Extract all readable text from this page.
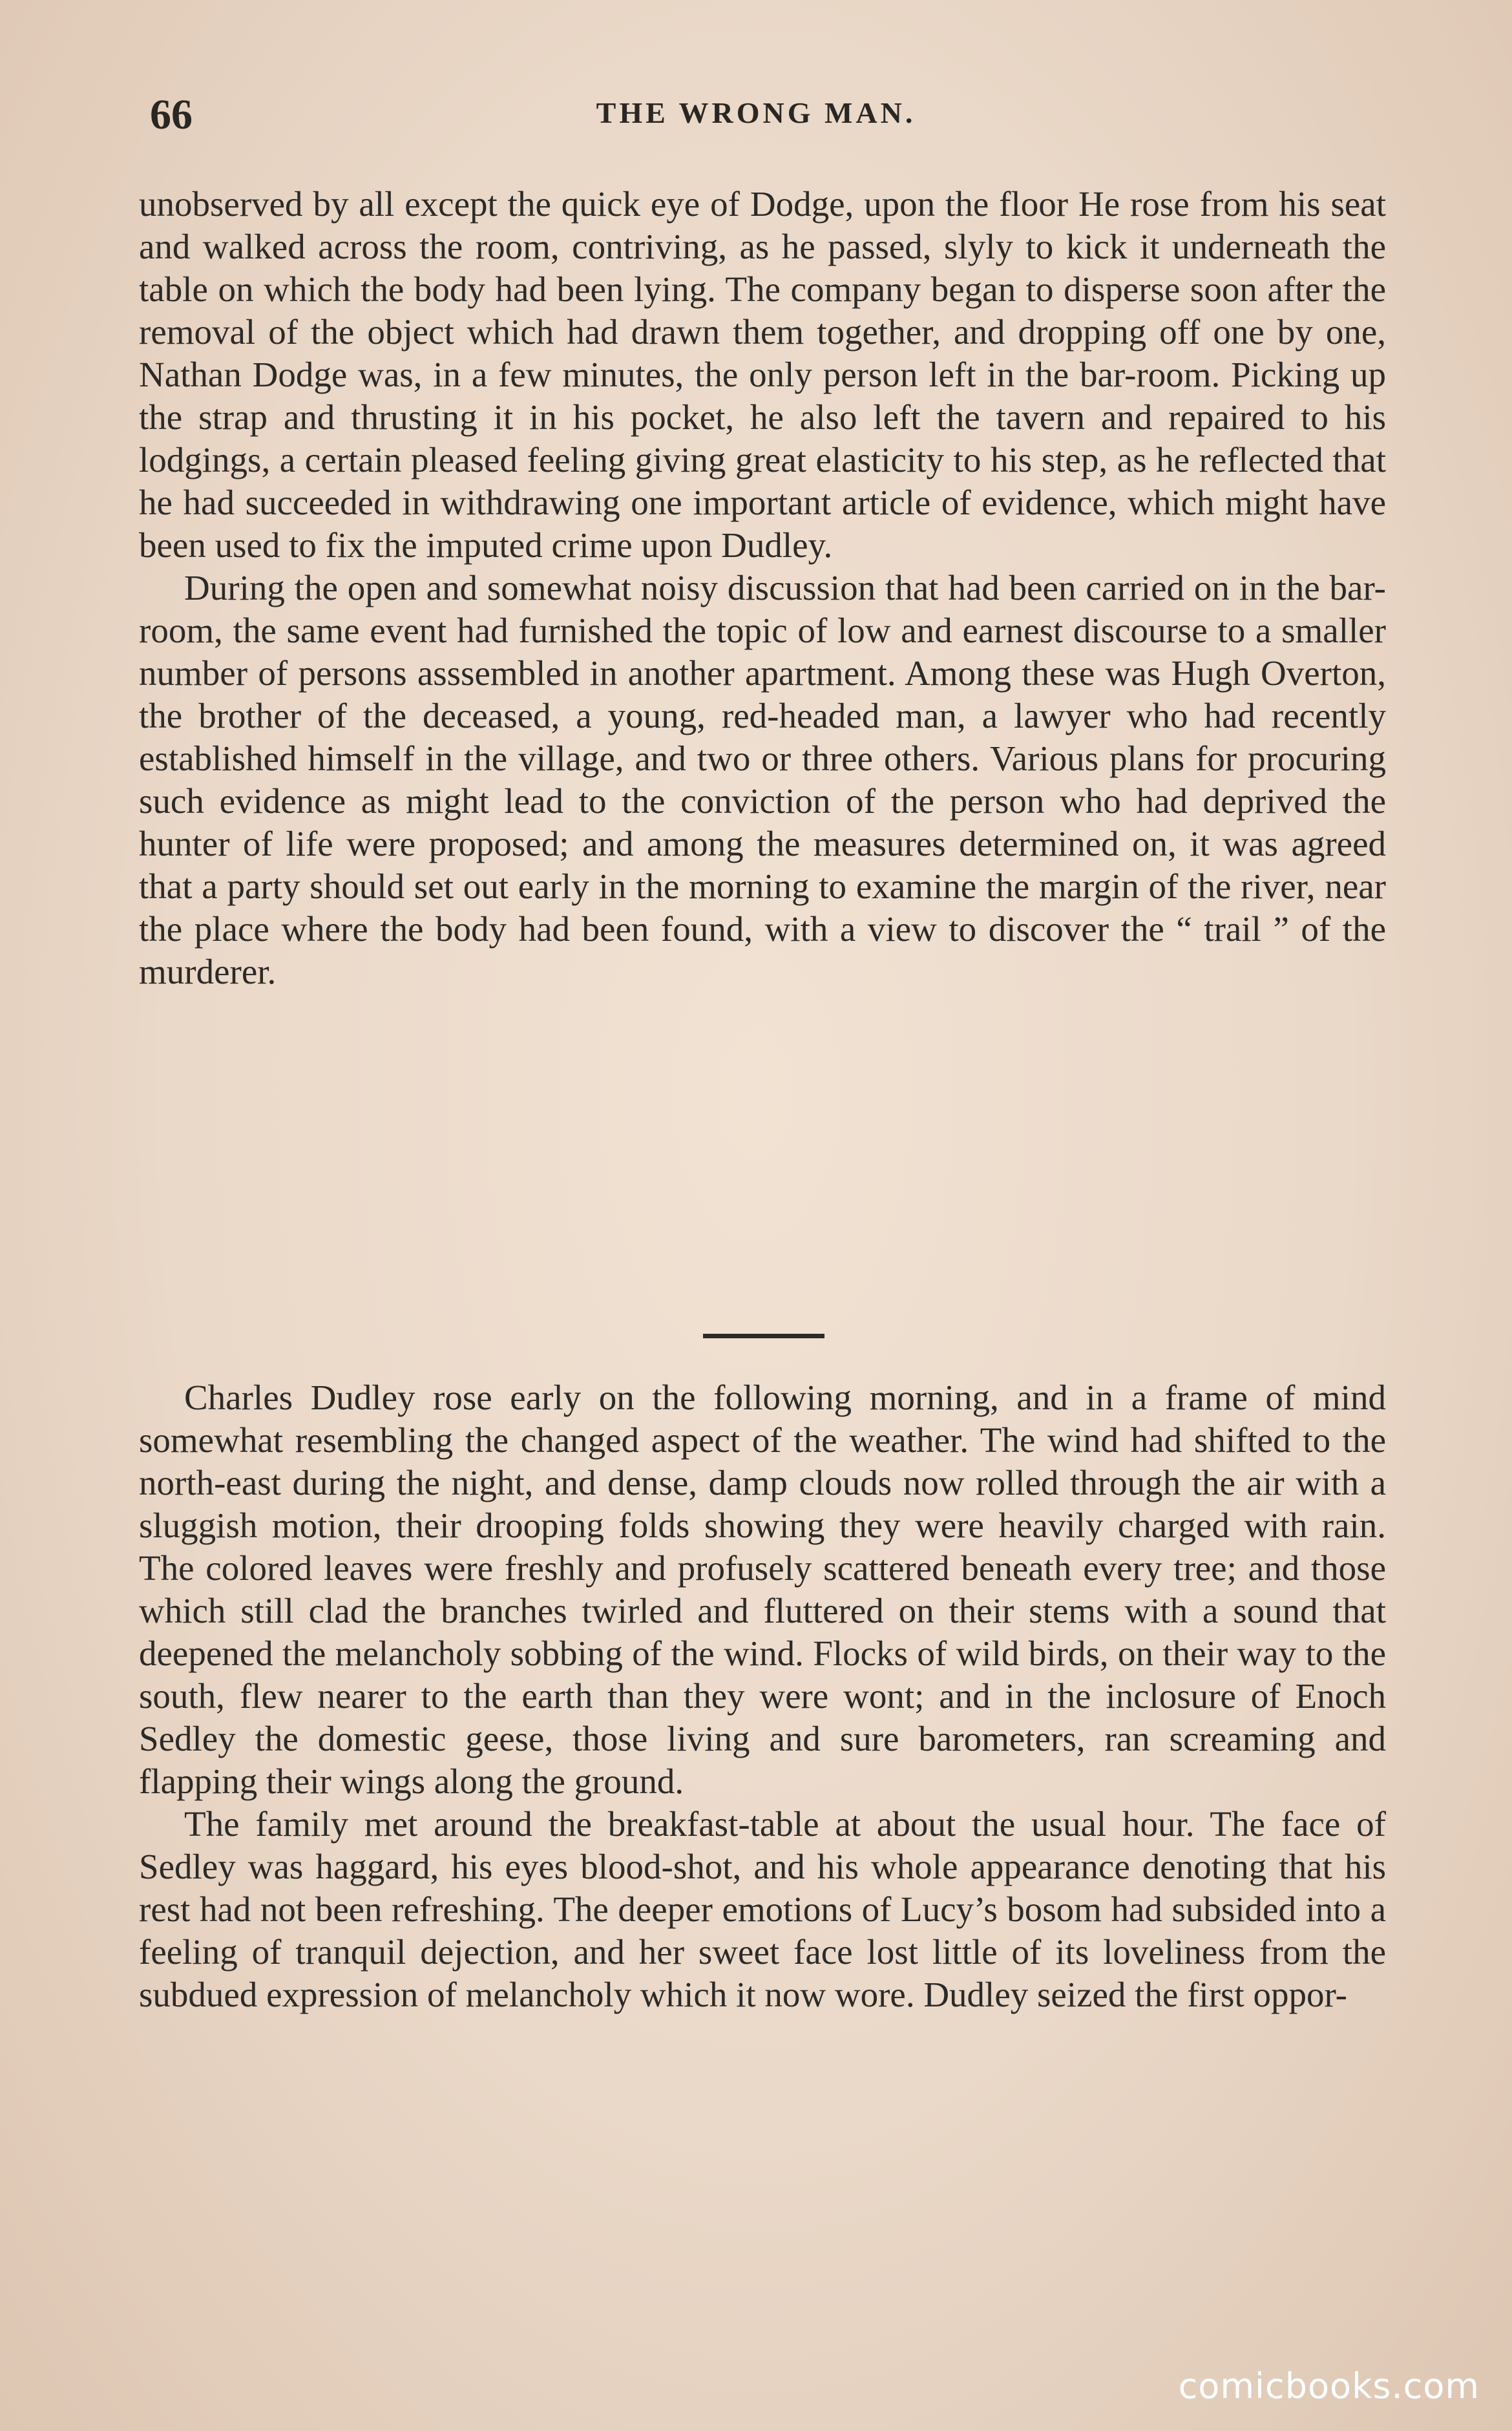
66	THE WRONG MAN.

unobserved by all except the quick eye of Dodge, upon the floor He rose from his seat and walked across the room, contriving, as he passed, slyly to kick it underneath the table on which the body had been lying. The company began to disperse soon after the removal of the object which had drawn them together, and dropping off one by one, Nathan Dodge was, in a few minutes, the only person left in the bar-room. Picking up the strap and thrusting it in his pocket, he also left the tavern and repaired to his lodgings, a certain pleased feeling giving great elasticity to his step, as he reflected that he had succeeded in withdrawing one important article of evidence, which might have been used to fix the imputed crime upon Dudley.

During the open and somewhat noisy discussion that had been carried on in the bar-room, the same event had furnished the topic of low and earnest discourse to a smaller number of persons asssembled in another apartment. Among these was Hugh Overton, the brother of the deceased, a young, red-headed man, a lawyer who had recently established himself in the village, and two or three others. Various plans for procuring such evidence as might lead to the conviction of the person who had deprived the hunter of life were proposed; and among the measures determined on, it was agreed that a party should set out early in the morning to examine the margin of the river, near the place where the body had been found, with a view to discover the “ trail ” of the murderer.

Charles Dudley rose early on the following morning, and in a frame of mind somewhat resembling the changed aspect of the weather. The wind had shifted to the north-east during the night, and dense, damp clouds now rolled through the air with a sluggish motion, their drooping folds showing they were heavily charged with rain. The colored leaves were freshly and profusely scattered beneath every tree; and those which still clad the branches twirled and fluttered on their stems with a sound that deepened the melancholy sobbing of the wind. Flocks of wild birds, on their way to the south, flew nearer to the earth than they were wont; and in the inclosure of Enoch Sedley the domestic geese, those living and sure barometers, ran screaming and flapping their wings along the ground.

The family met around the breakfast-table at about the usual hour. The face of Sedley was haggard, his eyes blood-shot, and his whole appearance denoting that his rest had not been refreshing. The deeper emotions of Lucy’s bosom had subsided into a feeling of tranquil dejection, and her sweet face lost little of its loveliness from the subdued expression of melancholy which it now wore. Dudley seized the first oppor-

comicbooks.com
